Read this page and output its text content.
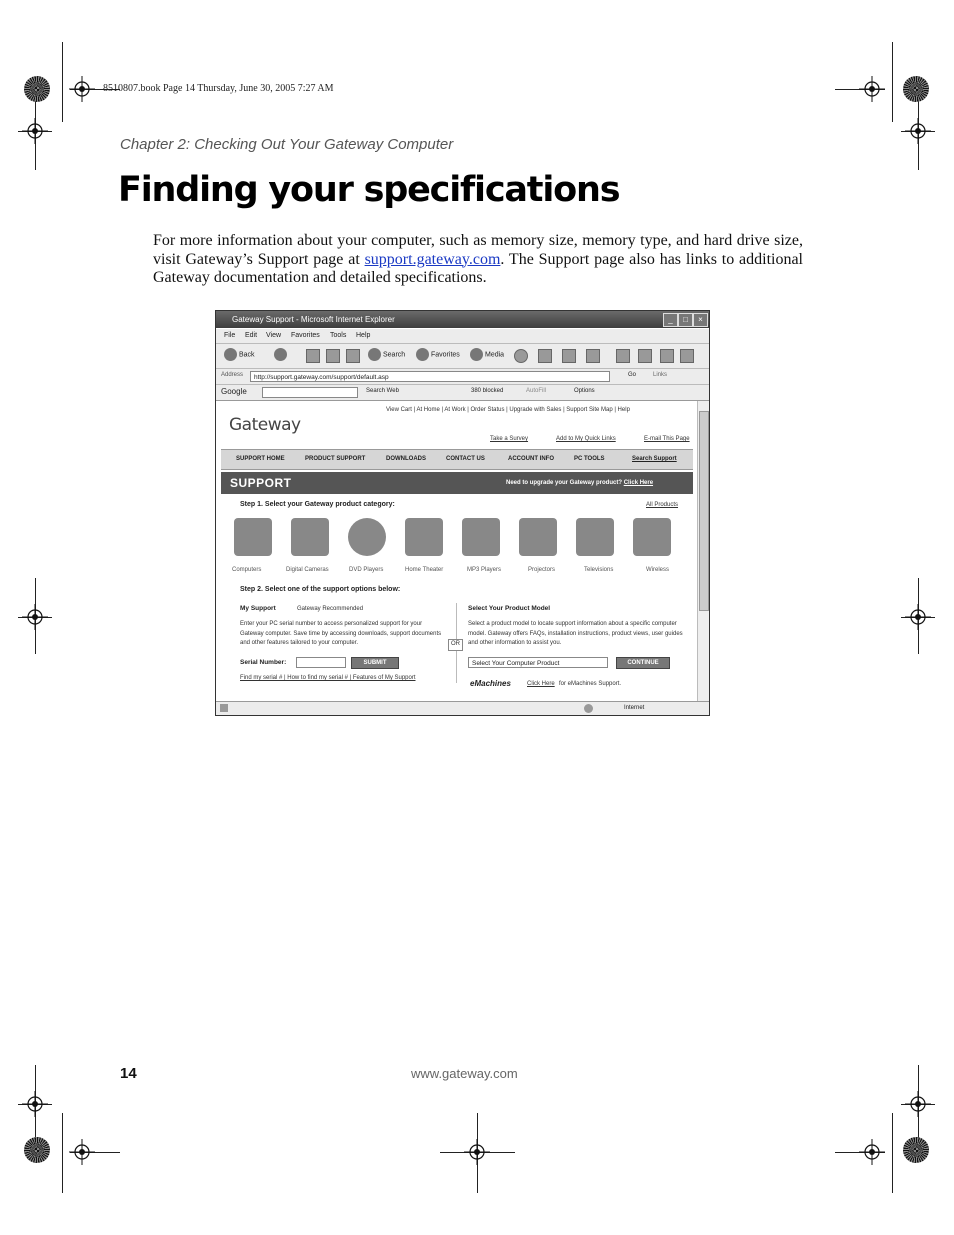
8510807.book Page 14 Thursday, June 30, 2005 7:27 AM
Chapter 2: Checking Out Your Gateway Computer
Finding your specifications
For more information about your computer, such as memory size, memory type, and hard drive size, visit Gateway’s Support page at support.gateway.com. The Support page also has links to additional Gateway documentation and detailed specifications.
Gateway Support - Microsoft Internet Explorer	_	□	×
File Edit View Favorites Tools Help
Back	Search	Favorites	Media
Address	http://support.gateway.com/support/default.asp	Go	Links
Google	Search Web	380 blocked	AutoFill	Options
View Cart | At Home | At Work | Order Status | Upgrade with Sales | Support Site Map | Help
Gateway
Take a Survey	Add to My Quick Links	E-mail This Page
SUPPORT HOME	PRODUCT SUPPORT	DOWNLOADS	CONTACT US	ACCOUNT INFO	PC TOOLS	Search Support
SUPPORT	Need to upgrade your Gateway product? Click Here
Step 1. Select your Gateway product category:	All Products
Computers	Digital Cameras	DVD Players	Home Theater	MP3 Players	Projectors	Televisions	Wireless
Step 2. Select one of the support options below:
My Support	Gateway Recommended
Enter your PC serial number to access personalized support for your Gateway computer. Save time by accessing downloads, support documents and other features tailored to your computer.
Serial Number:	SUBMIT
Find my serial # | How to find my serial # | Features of My Support
OR
Select Your Product Model
Select a product model to locate support information about a specific computer model. Gateway offers FAQs, installation instructions, product views, user guides and other information to assist you.
Select Your Computer Product	CONTINUE
eMachines	Click Here for eMachines Support.
Internet
14	www.gateway.com
